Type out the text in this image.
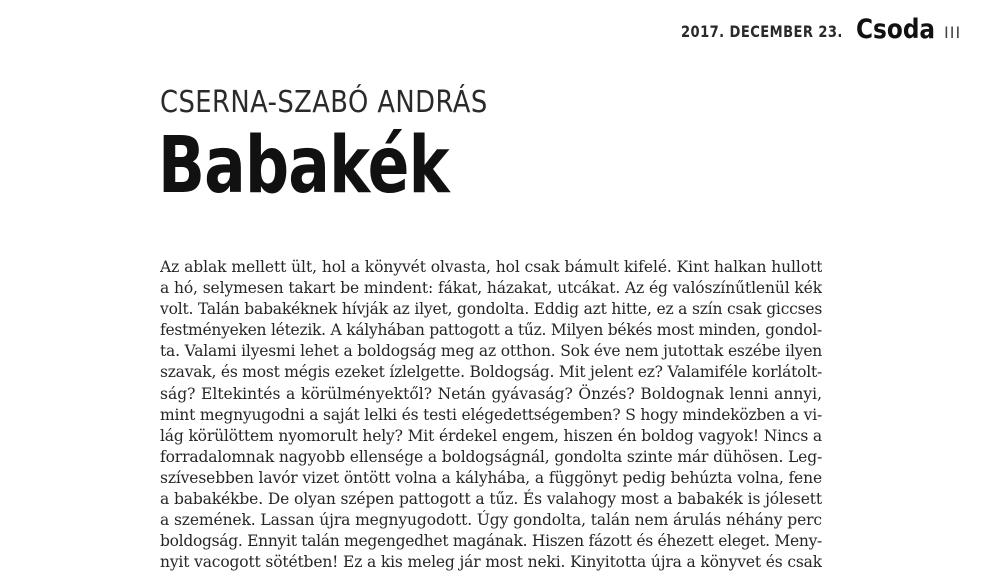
2017. DECEMBER 23. Csoda III
CSERNA-SZABÓ ANDRÁS
Babakék
Az ablak mellett ült, hol a könyvét olvasta, hol csak bámult kifelé. Kint halkan hullott
a hó, selymesen takart be mindent: fákat, házakat, utcákat. Az ég valószínűtlenül kék
volt. Talán babakéknek hívják az ilyet, gondolta. Eddig azt hitte, ez a szín csak giccses
festményeken létezik. A kályhában pattogott a tűz. Milyen békés most minden, gondol-
ta. Valami ilyesmi lehet a boldogság meg az otthon. Sok éve nem jutottak eszébe ilyen
szavak, és most mégis ezeket ízlelgette. Boldogság. Mit jelent ez? Valamiféle korlátolt-
ság? Eltekintés a körülményektől? Netán gyávaság? Önzés? Boldognak lenni annyi,
mint megnyugodni a saját lelki és testi elégedettségemben? S hogy mindeközben a vi-
lág körülöttem nyomorult hely? Mit érdekel engem, hiszen én boldog vagyok! Nincs a
forradalomnak nagyobb ellensége a boldogságnál, gondolta szinte már dühösen. Leg-
szívesebben lavór vizet öntött volna a kályhába, a függönyt pedig behúzta volna, fene
a babakékbe. De olyan szépen pattogott a tűz. És valahogy most a babakék is jólesett
a szemének. Lassan újra megnyugodott. Úgy gondolta, talán nem árulás néhány perc
boldogság. Ennyit talán megengedhet magának. Hiszen fázott és éhezett eleget. Meny-
nyit vacogott sötétben! Ez a kis meleg jár most neki. Kinyitotta újra a könyvet és csak
